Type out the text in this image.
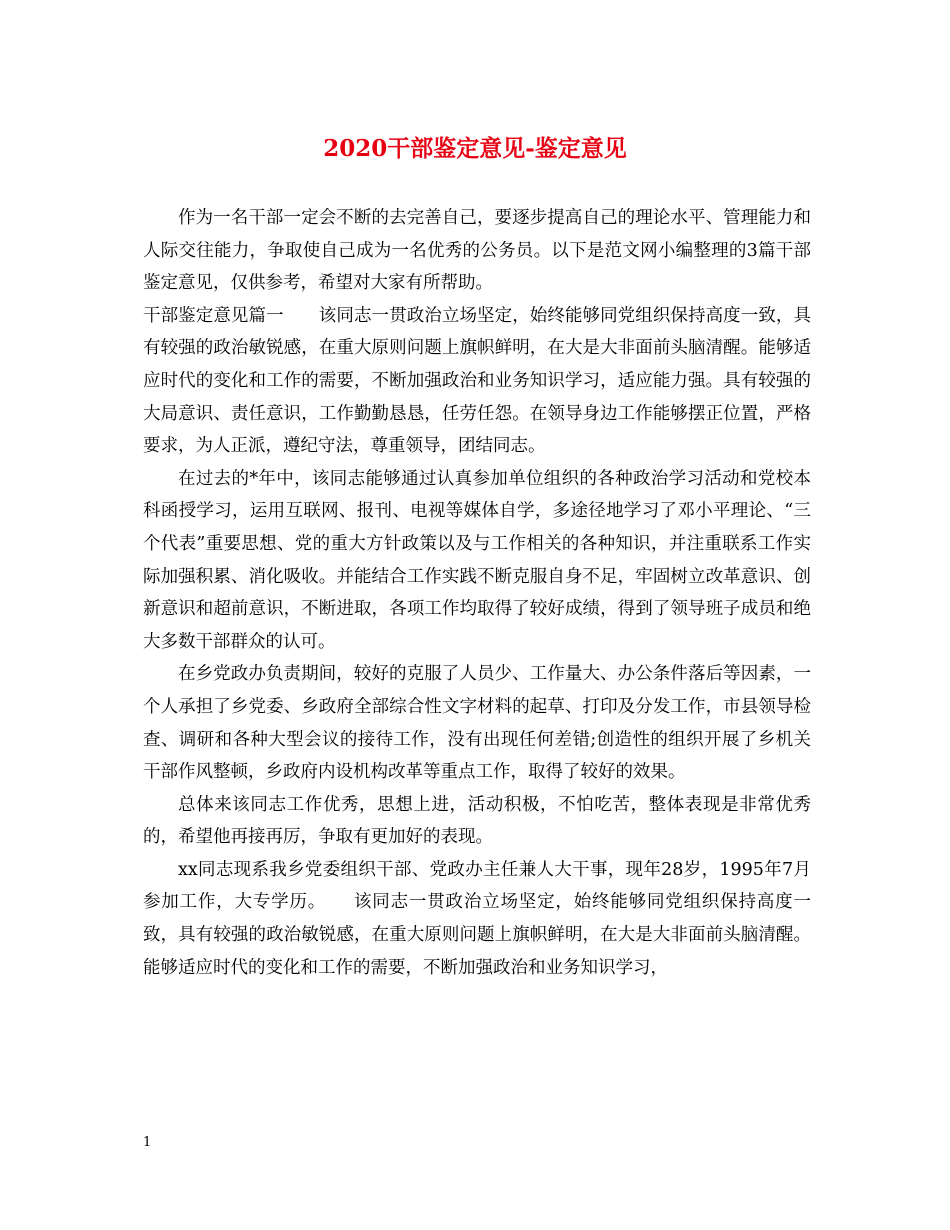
2020干部鉴定意见-鉴定意见

作为一名干部一定会不断的去完善自己，要逐步提高自己的理论水平、管理能力和人际交往能力，争取使自己成为一名优秀的公务员。以下是范文网小编整理的3篇干部鉴定意见，仅供参考，希望对大家有所帮助。

干部鉴定意见篇一　　该同志一贯政治立场坚定，始终能够同党组织保持高度一致，具有较强的政治敏锐感，在重大原则问题上旗帜鲜明，在大是大非面前头脑清醒。能够适应时代的变化和工作的需要，不断加强政治和业务知识学习，适应能力强。具有较强的大局意识、责任意识，工作勤勤恳恳，任劳任怨。在领导身边工作能够摆正位置，严格要求，为人正派，遵纪守法，尊重领导，团结同志。

在过去的*年中，该同志能够通过认真参加单位组织的各种政治学习活动和党校本科函授学习，运用互联网、报刊、电视等媒体自学，多途径地学习了邓小平理论、“三个代表”重要思想、党的重大方针政策以及与工作相关的各种知识，并注重联系工作实际加强积累、消化吸收。并能结合工作实践不断克服自身不足，牢固树立改革意识、创新意识和超前意识，不断进取，各项工作均取得了较好成绩，得到了领导班子成员和绝大多数干部群众的认可。

在乡党政办负责期间，较好的克服了人员少、工作量大、办公条件落后等因素，一个人承担了乡党委、乡政府全部综合性文字材料的起草、打印及分发工作，市县领导检查、调研和各种大型会议的接待工作，没有出现任何差错;创造性的组织开展了乡机关干部作风整顿，乡政府内设机构改革等重点工作，取得了较好的效果。

总体来该同志工作优秀，思想上进，活动积极，不怕吃苦，整体表现是非常优秀的，希望他再接再厉，争取有更加好的表现。

xx同志现系我乡党委组织干部、党政办主任兼人大干事，现年28岁，1995年7月参加工作，大专学历。　　该同志一贯政治立场坚定，始终能够同党组织保持高度一致，具有较强的政治敏锐感，在重大原则问题上旗帜鲜明，在大是大非面前头脑清醒。能够适应时代的变化和工作的需要，不断加强政治和业务知识学习，

1
